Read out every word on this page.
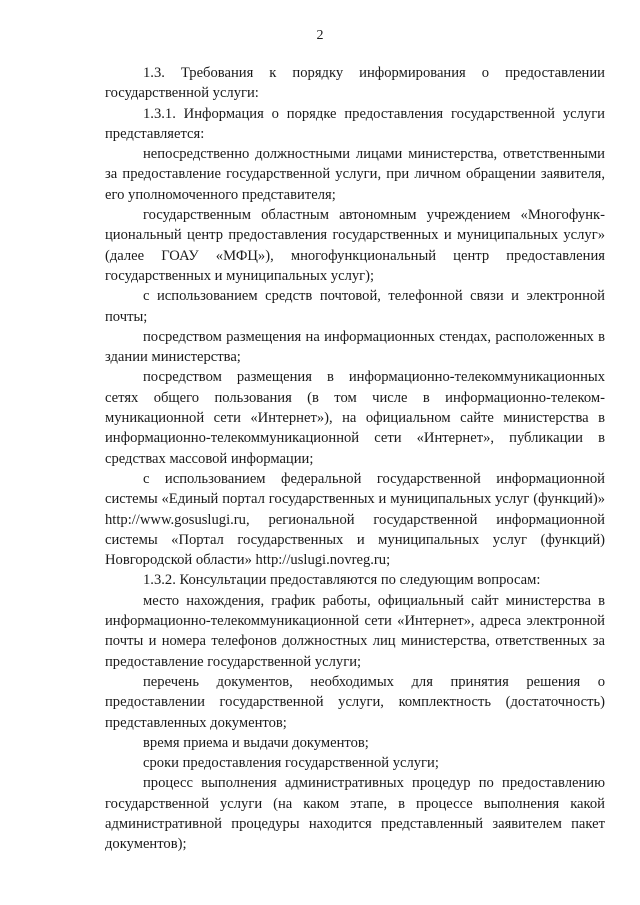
2

1.3. Требования к порядку информирования о предоставлении государственной услуги:

1.3.1. Информация о порядке предоставления государственной услуги представляется:

непосредственно должностными лицами министерства, ответственными за предоставление государственной услуги, при личном обращении заявителя, его уполномоченного представителя;

государственным областным автономным учреждением «Многофункциональный центр предоставления государственных и муниципальных услуг» (далее ГОАУ «МФЦ»), многофункциональный центр предоставления государственных и муниципальных услуг);

с использованием средств почтовой, телефонной связи и электронной почты;

посредством размещения на информационных стендах, расположенных в здании министерства;

посредством размещения в информационно-телекоммуникационных сетях общего пользования (в том числе в информационно-телекоммуникационной сети «Интернет»), на официальном сайте министерства в информационно-телекоммуникационной сети «Интернет», публикации в средствах массовой информации;

с использованием федеральной государственной информационной системы «Единый портал государственных и муниципальных услуг (функций)» http://www.gosuslugi.ru, региональной государственной информационной системы «Портал государственных и муниципальных услуг (функций) Новгородской области» http://uslugi.novreg.ru;

1.3.2. Консультации предоставляются по следующим вопросам:

место нахождения, график работы, официальный сайт министерства в информационно-телекоммуникационной сети «Интернет», адреса электронной почты и номера телефонов должностных лиц министерства, ответственных за предоставление государственной услуги;

перечень документов, необходимых для принятия решения о предоставлении государственной услуги, комплектность (достаточность) представленных документов;

время приема и выдачи документов;

сроки предоставления государственной услуги;

процесс выполнения административных процедур по предоставлению государственной услуги (на каком этапе, в процессе выполнения какой административной процедуры находится представленный заявителем пакет документов);
